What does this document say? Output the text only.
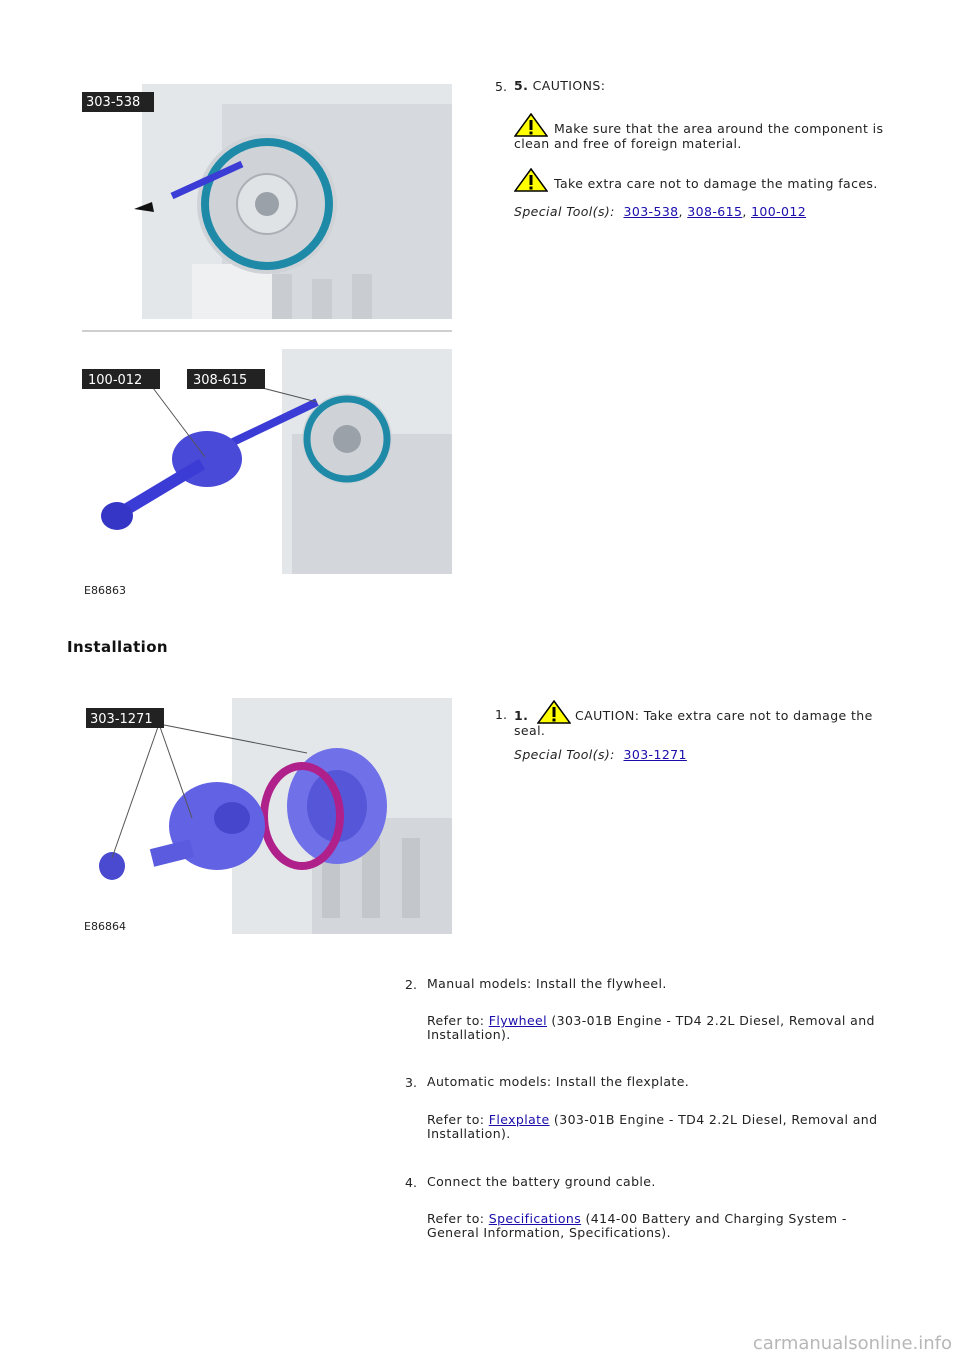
303-538
100-012	308-615
E86863
5. 5. CAUTIONS:
Make sure that the area around the component is clean and free of foreign material.
Take extra care not to damage the mating faces.
Special Tool(s): 303-538, 308-615, 100-012
Installation
303-1271
E86864
1. 1.	CAUTION: Take extra care not to damage the seal.
Special Tool(s): 303-1271
2. Manual models: Install the flywheel.
Refer to: Flywheel (303-01B Engine - TD4 2.2L Diesel, Removal and Installation).
3. Automatic models: Install the flexplate.
Refer to: Flexplate (303-01B Engine - TD4 2.2L Diesel, Removal and Installation).
4. Connect the battery ground cable.
Refer to: Specifications (414-00 Battery and Charging System - General Information, Specifications).
carmanualsonline.info
